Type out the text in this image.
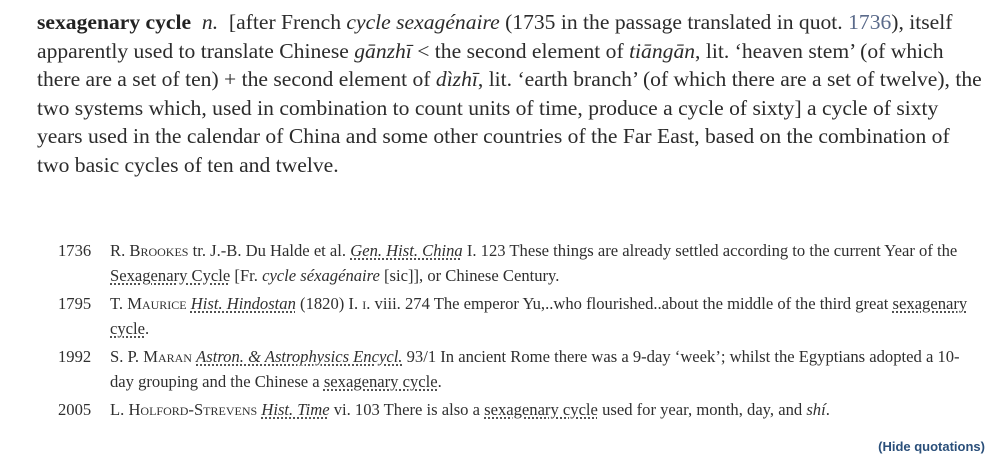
sexagenary cycle n. [after French cycle sexagénaire (1735 in the passage translated in quot. 1736), itself apparently used to translate Chinese gānzhī < the second element of tiāngān, lit. ‘heaven stem’ (of which there are a set of ten) + the second element of dìzhī, lit. ‘earth branch’ (of which there are a set of twelve), the two systems which, used in combination to count units of time, produce a cycle of sixty] a cycle of sixty years used in the calendar of China and some other countries of the Far East, based on the combination of two basic cycles of ten and twelve.
1736 R. Brookes tr. J.-B. Du Halde et al. Gen. Hist. China I. 123 These things are already settled according to the current Year of the Sexagenary Cycle [Fr. cycle séxagénaire [sic]], or Chinese Century.
1795 T. Maurice Hist. Hindostan (1820) I. i. viii. 274 The emperor Yu,..who flourished..about the middle of the third great sexagenary cycle.
1992 S. P. Maran Astron. & Astrophysics Encycl. 93/1 In ancient Rome there was a 9-day ‘week’; whilst the Egyptians adopted a 10-day grouping and the Chinese a sexagenary cycle.
2005 L. Holford-Strevens Hist. Time vi. 103 There is also a sexagenary cycle used for year, month, day, and shí.
(Hide quotations)
